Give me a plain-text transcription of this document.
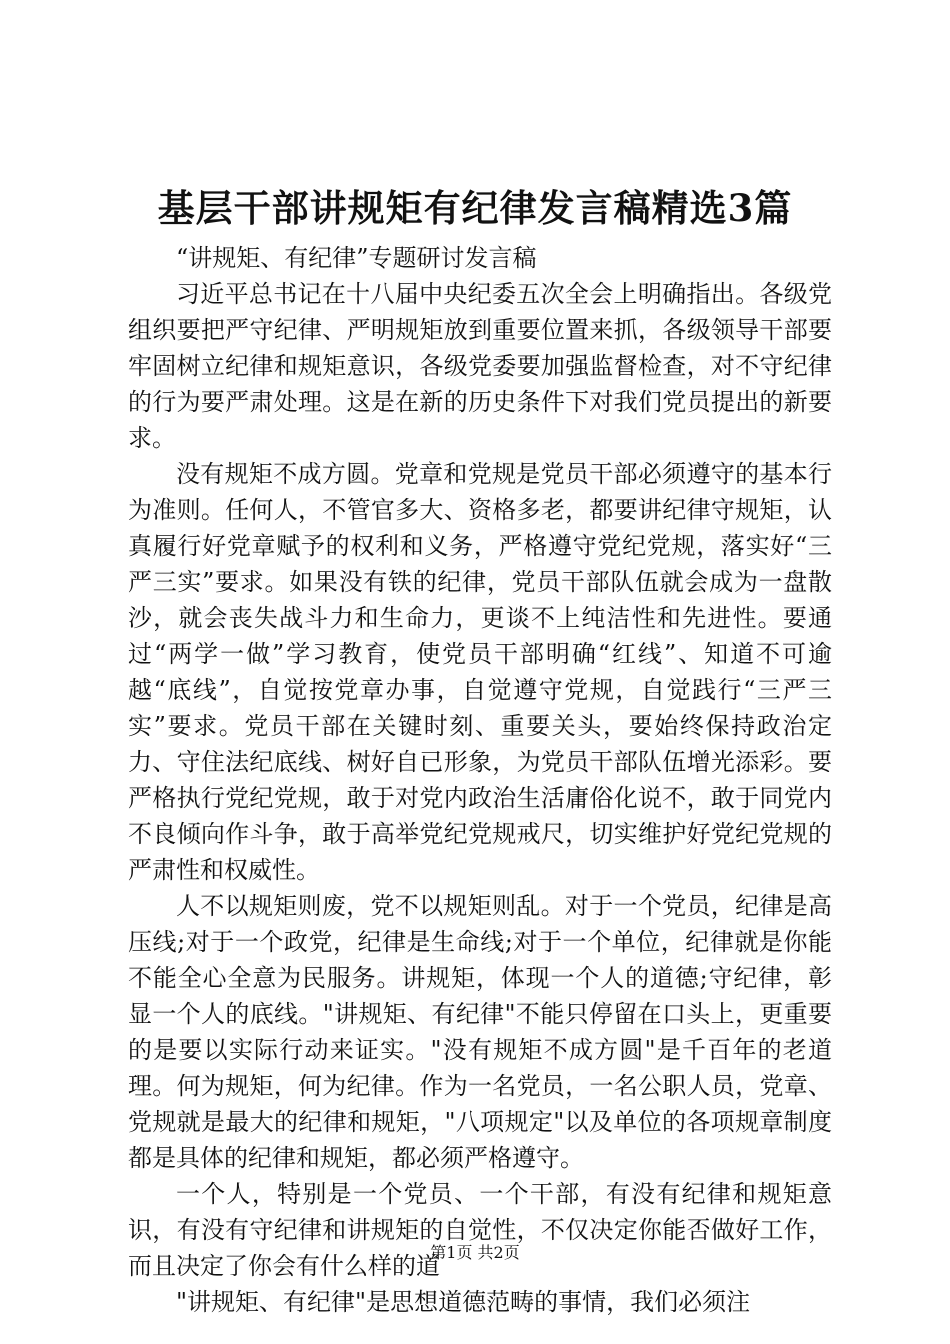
基层干部讲规矩有纪律发言稿精选3篇

“讲规矩、有纪律”专题研讨发言稿

习近平总书记在十八届中央纪委五次全会上明确指出。各级党组织要把严守纪律、严明规矩放到重要位置来抓，各级领导干部要牢固树立纪律和规矩意识，各级党委要加强监督检查，对不守纪律的行为要严肃处理。这是在新的历史条件下对我们党员提出的新要求。

没有规矩不成方圆。党章和党规是党员干部必须遵守的基本行为准则。任何人，不管官多大、资格多老，都要讲纪律守规矩，认真履行好党章赋予的权利和义务，严格遵守党纪党规，落实好“三严三实”要求。如果没有铁的纪律，党员干部队伍就会成为一盘散沙，就会丧失战斗力和生命力，更谈不上纯洁性和先进性。要通过“两学一做”学习教育，使党员干部明确“红线”、知道不可逾越“底线”，自觉按党章办事，自觉遵守党规，自觉践行“三严三实”要求。党员干部在关键时刻、重要关头，要始终保持政治定力、守住法纪底线、树好自已形象，为党员干部队伍增光添彩。要严格执行党纪党规，敢于对党内政治生活庸俗化说不，敢于同党内不良倾向作斗争，敢于高举党纪党规戒尺，切实维护好党纪党规的严肃性和权威性。

人不以规矩则废，党不以规矩则乱。对于一个党员，纪律是高压线;对于一个政党，纪律是生命线;对于一个单位，纪律就是你能不能全心全意为民服务。讲规矩，体现一个人的道德;守纪律，彰显一个人的底线。"讲规矩、有纪律"不能只停留在口头上，更重要的是要以实际行动来证实。"没有规矩不成方圆"是千百年的老道理。何为规矩，何为纪律。作为一名党员，一名公职人员，党章、党规就是最大的纪律和规矩，"八项规定"以及单位的各项规章制度都是具体的纪律和规矩，都必须严格遵守。

一个人，特别是一个党员、一个干部，有没有纪律和规矩意识，有没有守纪律和讲规矩的自觉性，不仅决定你能否做好工作，而且决定了你会有什么样的道

"讲规矩、有纪律"是思想道德范畴的事情，我们必须注

第1页 共2页
